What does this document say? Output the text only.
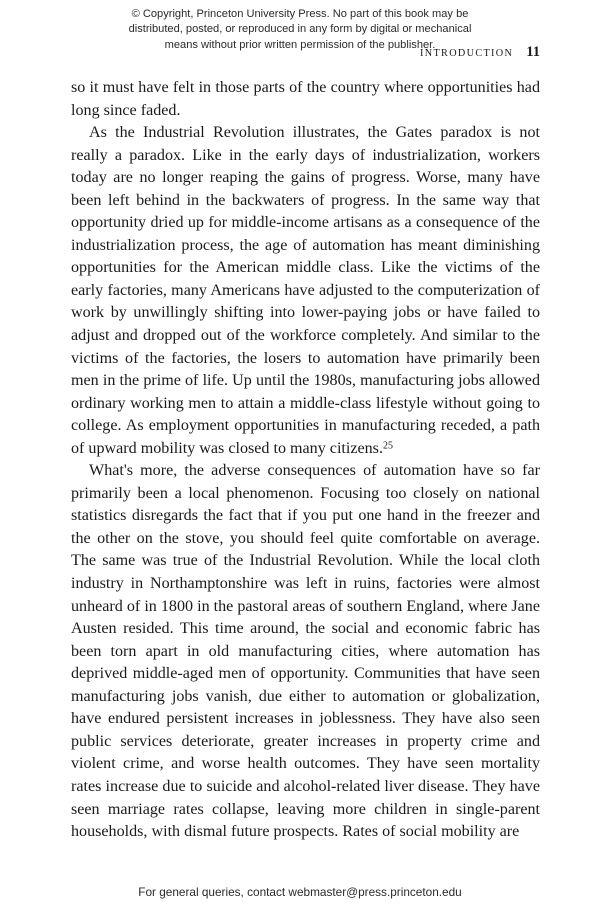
© Copyright, Princeton University Press. No part of this book may be
distributed, posted, or reproduced in any form by digital or mechanical
means without prior written permission of the publisher.
INTRODUCTION 11

so it must have felt in those parts of the country where opportunities had long since faded.

As the Industrial Revolution illustrates, the Gates paradox is not really a paradox. Like in the early days of industrialization, workers today are no longer reaping the gains of progress. Worse, many have been left behind in the backwaters of progress. In the same way that opportunity dried up for middle-income artisans as a consequence of the industrialization process, the age of automation has meant diminishing opportunities for the American middle class. Like the victims of the early factories, many Americans have adjusted to the computerization of work by unwillingly shifting into lower-paying jobs or have failed to adjust and dropped out of the workforce completely. And similar to the victims of the factories, the losers to automation have primarily been men in the prime of life. Up until the 1980s, manufacturing jobs allowed ordinary working men to attain a middle-class lifestyle without going to college. As employment opportunities in manufacturing receded, a path of upward mobility was closed to many citizens.$^{25}$

What's more, the adverse consequences of automation have so far primarily been a local phenomenon. Focusing too closely on national statistics disregards the fact that if you put one hand in the freezer and the other on the stove, you should feel quite comfortable on average. The same was true of the Industrial Revolution. While the local cloth industry in Northamptonshire was left in ruins, factories were almost unheard of in 1800 in the pastoral areas of southern England, where Jane Austen resided. This time around, the social and economic fabric has been torn apart in old manufacturing cities, where automation has deprived middle-aged men of opportunity. Communities that have seen manufacturing jobs vanish, due either to automation or globalization, have endured persistent increases in joblessness. They have also seen public services deteriorate, greater increases in property crime and violent crime, and worse health outcomes. They have seen mortality rates increase due to suicide and alcohol-related liver disease. They have seen marriage rates collapse, leaving more children in single-parent households, with dismal future prospects. Rates of social mobility are

For general queries, contact webmaster@press.princeton.edu
